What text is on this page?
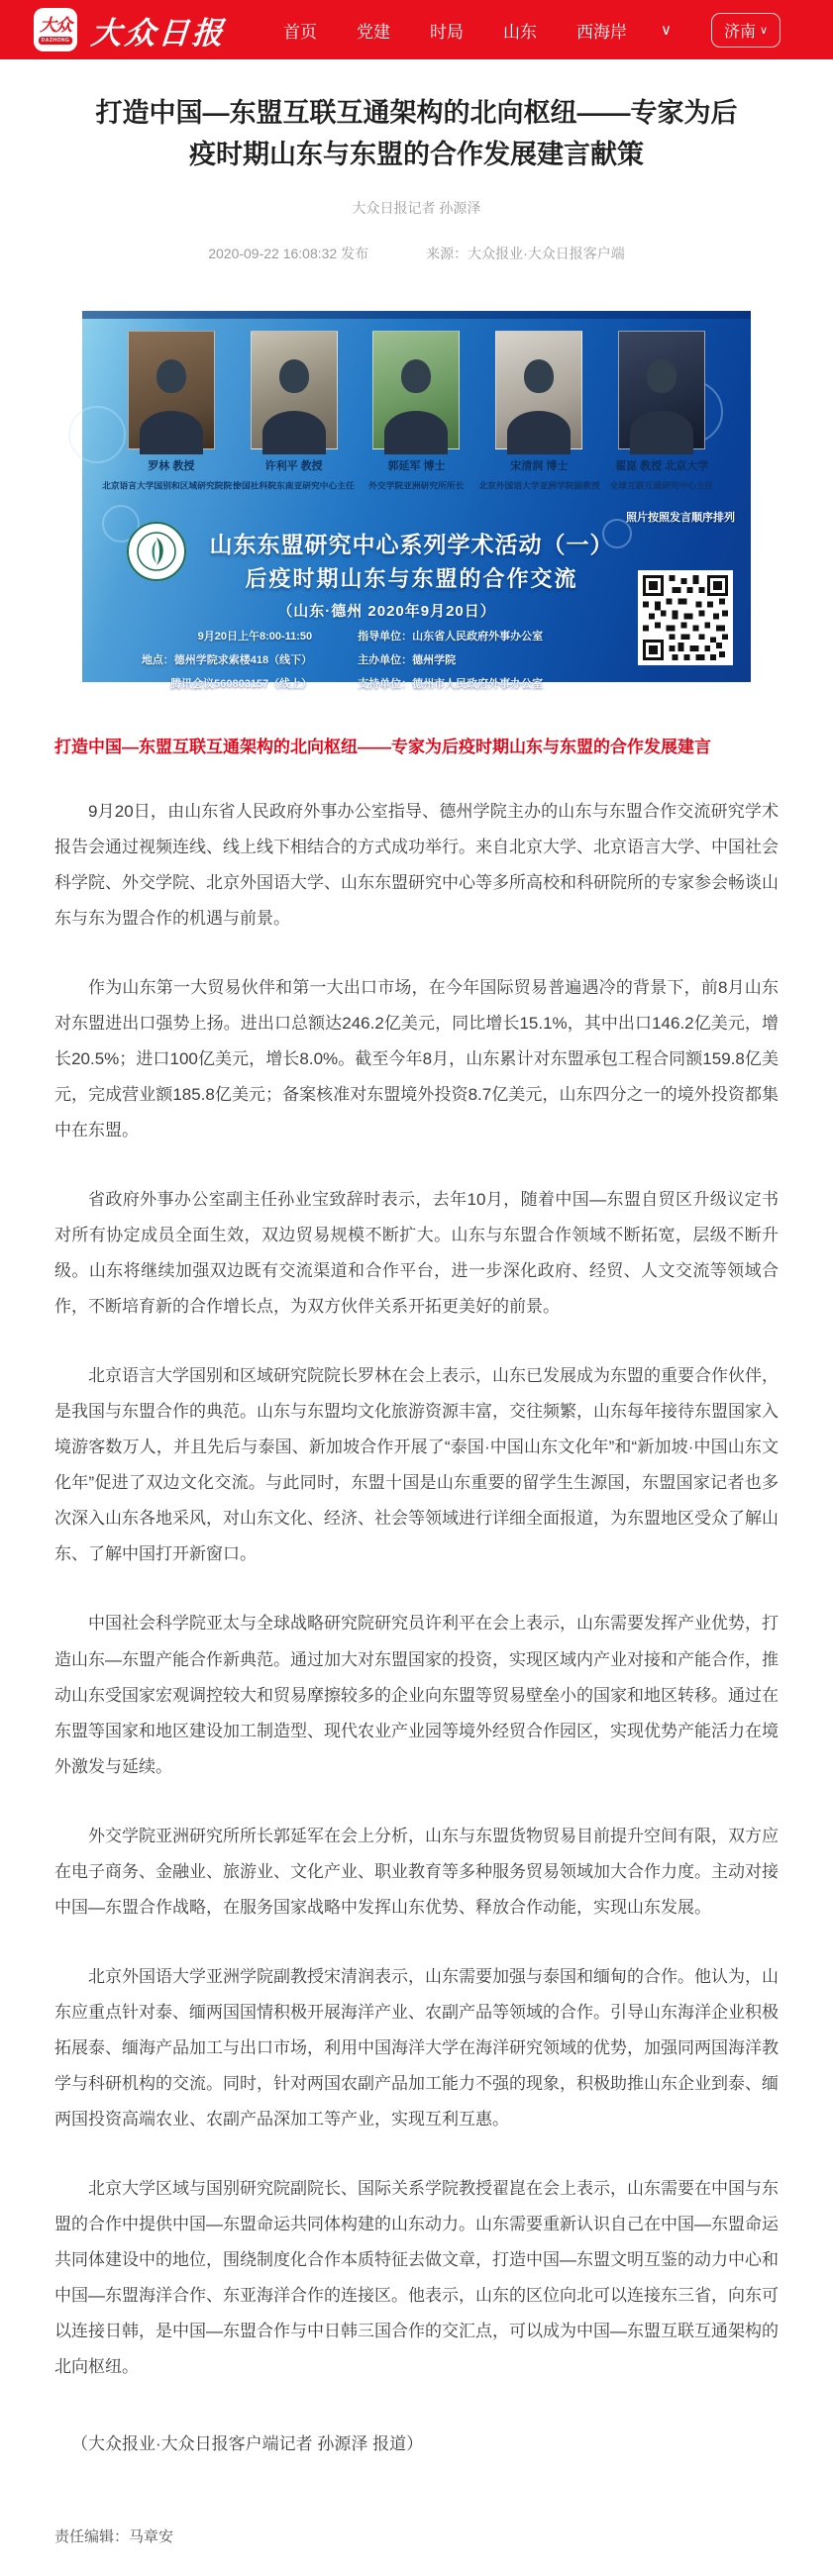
大众
DAZHONG 大众日报	首页 党建 时局 山东 西海岸 ∨	济南 ∨
打造中国—东盟互联互通架构的北向枢纽——专家为后疫时期山东与东盟的合作发展建言献策
大众日报记者 孙源泽
2020-09-22 16:08:32 发布	来源：大众报业·大众日报客户端
罗林 教授
北京语言大学国别和区域研究院院长
许利平 教授
中国社科院东南亚研究中心主任
郭延军 博士
外交学院亚洲研究所所长
宋清润 博士
北京外国语大学亚洲学院副教授
翟崑 教授 北京大学
全球互联互通研究中心主任
照片按照发言顺序排列
山东东盟研究中心系列学术活动（一）
后疫时期山东与东盟的合作交流
（山东·德州 2020年9月20日）
9月20日上午8:00-11:50
地点：德州学院求索楼418（线下）
腾讯会议560803157（线上）
指导单位：山东省人民政府外事办公室
主办单位：德州学院
支持单位：德州市人民政府外事办公室

打造中国—东盟互联互通架构的北向枢纽——专家为后疫时期山东与东盟的合作发展建言

9月20日，由山东省人民政府外事办公室指导、德州学院主办的山东与东盟合作交流研究学术报告会通过视频连线、线上线下相结合的方式成功举行。来自北京大学、北京语言大学、中国社会科学院、外交学院、北京外国语大学、山东东盟研究中心等多所高校和科研院所的专家参会畅谈山东与东为盟合作的机遇与前景。

作为山东第一大贸易伙伴和第一大出口市场，在今年国际贸易普遍遇冷的背景下，前8月山东对东盟进出口强势上扬。进出口总额达246.2亿美元，同比增长15.1%，其中出口146.2亿美元，增长20.5%；进口100亿美元，增长8.0%。截至今年8月，山东累计对东盟承包工程合同额159.8亿美元，完成营业额185.8亿美元；备案核准对东盟境外投资8.7亿美元，山东四分之一的境外投资都集中在东盟。

省政府外事办公室副主任孙业宝致辞时表示，去年10月，随着中国—东盟自贸区升级议定书对所有协定成员全面生效，双边贸易规模不断扩大。山东与东盟合作领域不断拓宽，层级不断升级。山东将继续加强双边既有交流渠道和合作平台，进一步深化政府、经贸、人文交流等领域合作，不断培育新的合作增长点，为双方伙伴关系开拓更美好的前景。

北京语言大学国别和区域研究院院长罗林在会上表示，山东已发展成为东盟的重要合作伙伴，是我国与东盟合作的典范。山东与东盟均文化旅游资源丰富，交往频繁，山东每年接待东盟国家入境游客数万人，并且先后与泰国、新加坡合作开展了“泰国·中国山东文化年”和“新加坡·中国山东文化年”促进了双边文化交流。与此同时，东盟十国是山东重要的留学生生源国，东盟国家记者也多次深入山东各地采风，对山东文化、经济、社会等领域进行详细全面报道，为东盟地区受众了解山东、了解中国打开新窗口。

中国社会科学院亚太与全球战略研究院研究员许利平在会上表示，山东需要发挥产业优势，打造山东—东盟产能合作新典范。通过加大对东盟国家的投资，实现区域内产业对接和产能合作，推动山东受国家宏观调控较大和贸易摩擦较多的企业向东盟等贸易壁垒小的国家和地区转移。通过在东盟等国家和地区建设加工制造型、现代农业产业园等境外经贸合作园区，实现优势产能活力在境外激发与延续。

外交学院亚洲研究所所长郭延军在会上分析，山东与东盟货物贸易目前提升空间有限，双方应在电子商务、金融业、旅游业、文化产业、职业教育等多种服务贸易领域加大合作力度。主动对接中国—东盟合作战略，在服务国家战略中发挥山东优势、释放合作动能，实现山东发展。

北京外国语大学亚洲学院副教授宋清润表示，山东需要加强与泰国和缅甸的合作。他认为，山东应重点针对泰、缅两国国情积极开展海洋产业、农副产品等领域的合作。引导山东海洋企业积极拓展泰、缅海产品加工与出口市场，利用中国海洋大学在海洋研究领域的优势，加强同两国海洋教学与科研机构的交流。同时，针对两国农副产品加工能力不强的现象，积极助推山东企业到泰、缅两国投资高端农业、农副产品深加工等产业，实现互利互惠。

北京大学区域与国别研究院副院长、国际关系学院教授翟崑在会上表示，山东需要在中国与东盟的合作中提供中国—东盟命运共同体构建的山东动力。山东需要重新认识自己在中国—东盟命运共同体建设中的地位，围绕制度化合作本质特征去做文章，打造中国—东盟文明互鉴的动力中心和中国—东盟海洋合作、东亚海洋合作的连接区。他表示，山东的区位向北可以连接东三省，向东可以连接日韩，是中国—东盟合作与中日韩三国合作的交汇点，可以成为中国—东盟互联互通架构的北向枢纽。

（大众报业·大众日报客户端记者 孙源泽 报道）

责任编辑：马章安
